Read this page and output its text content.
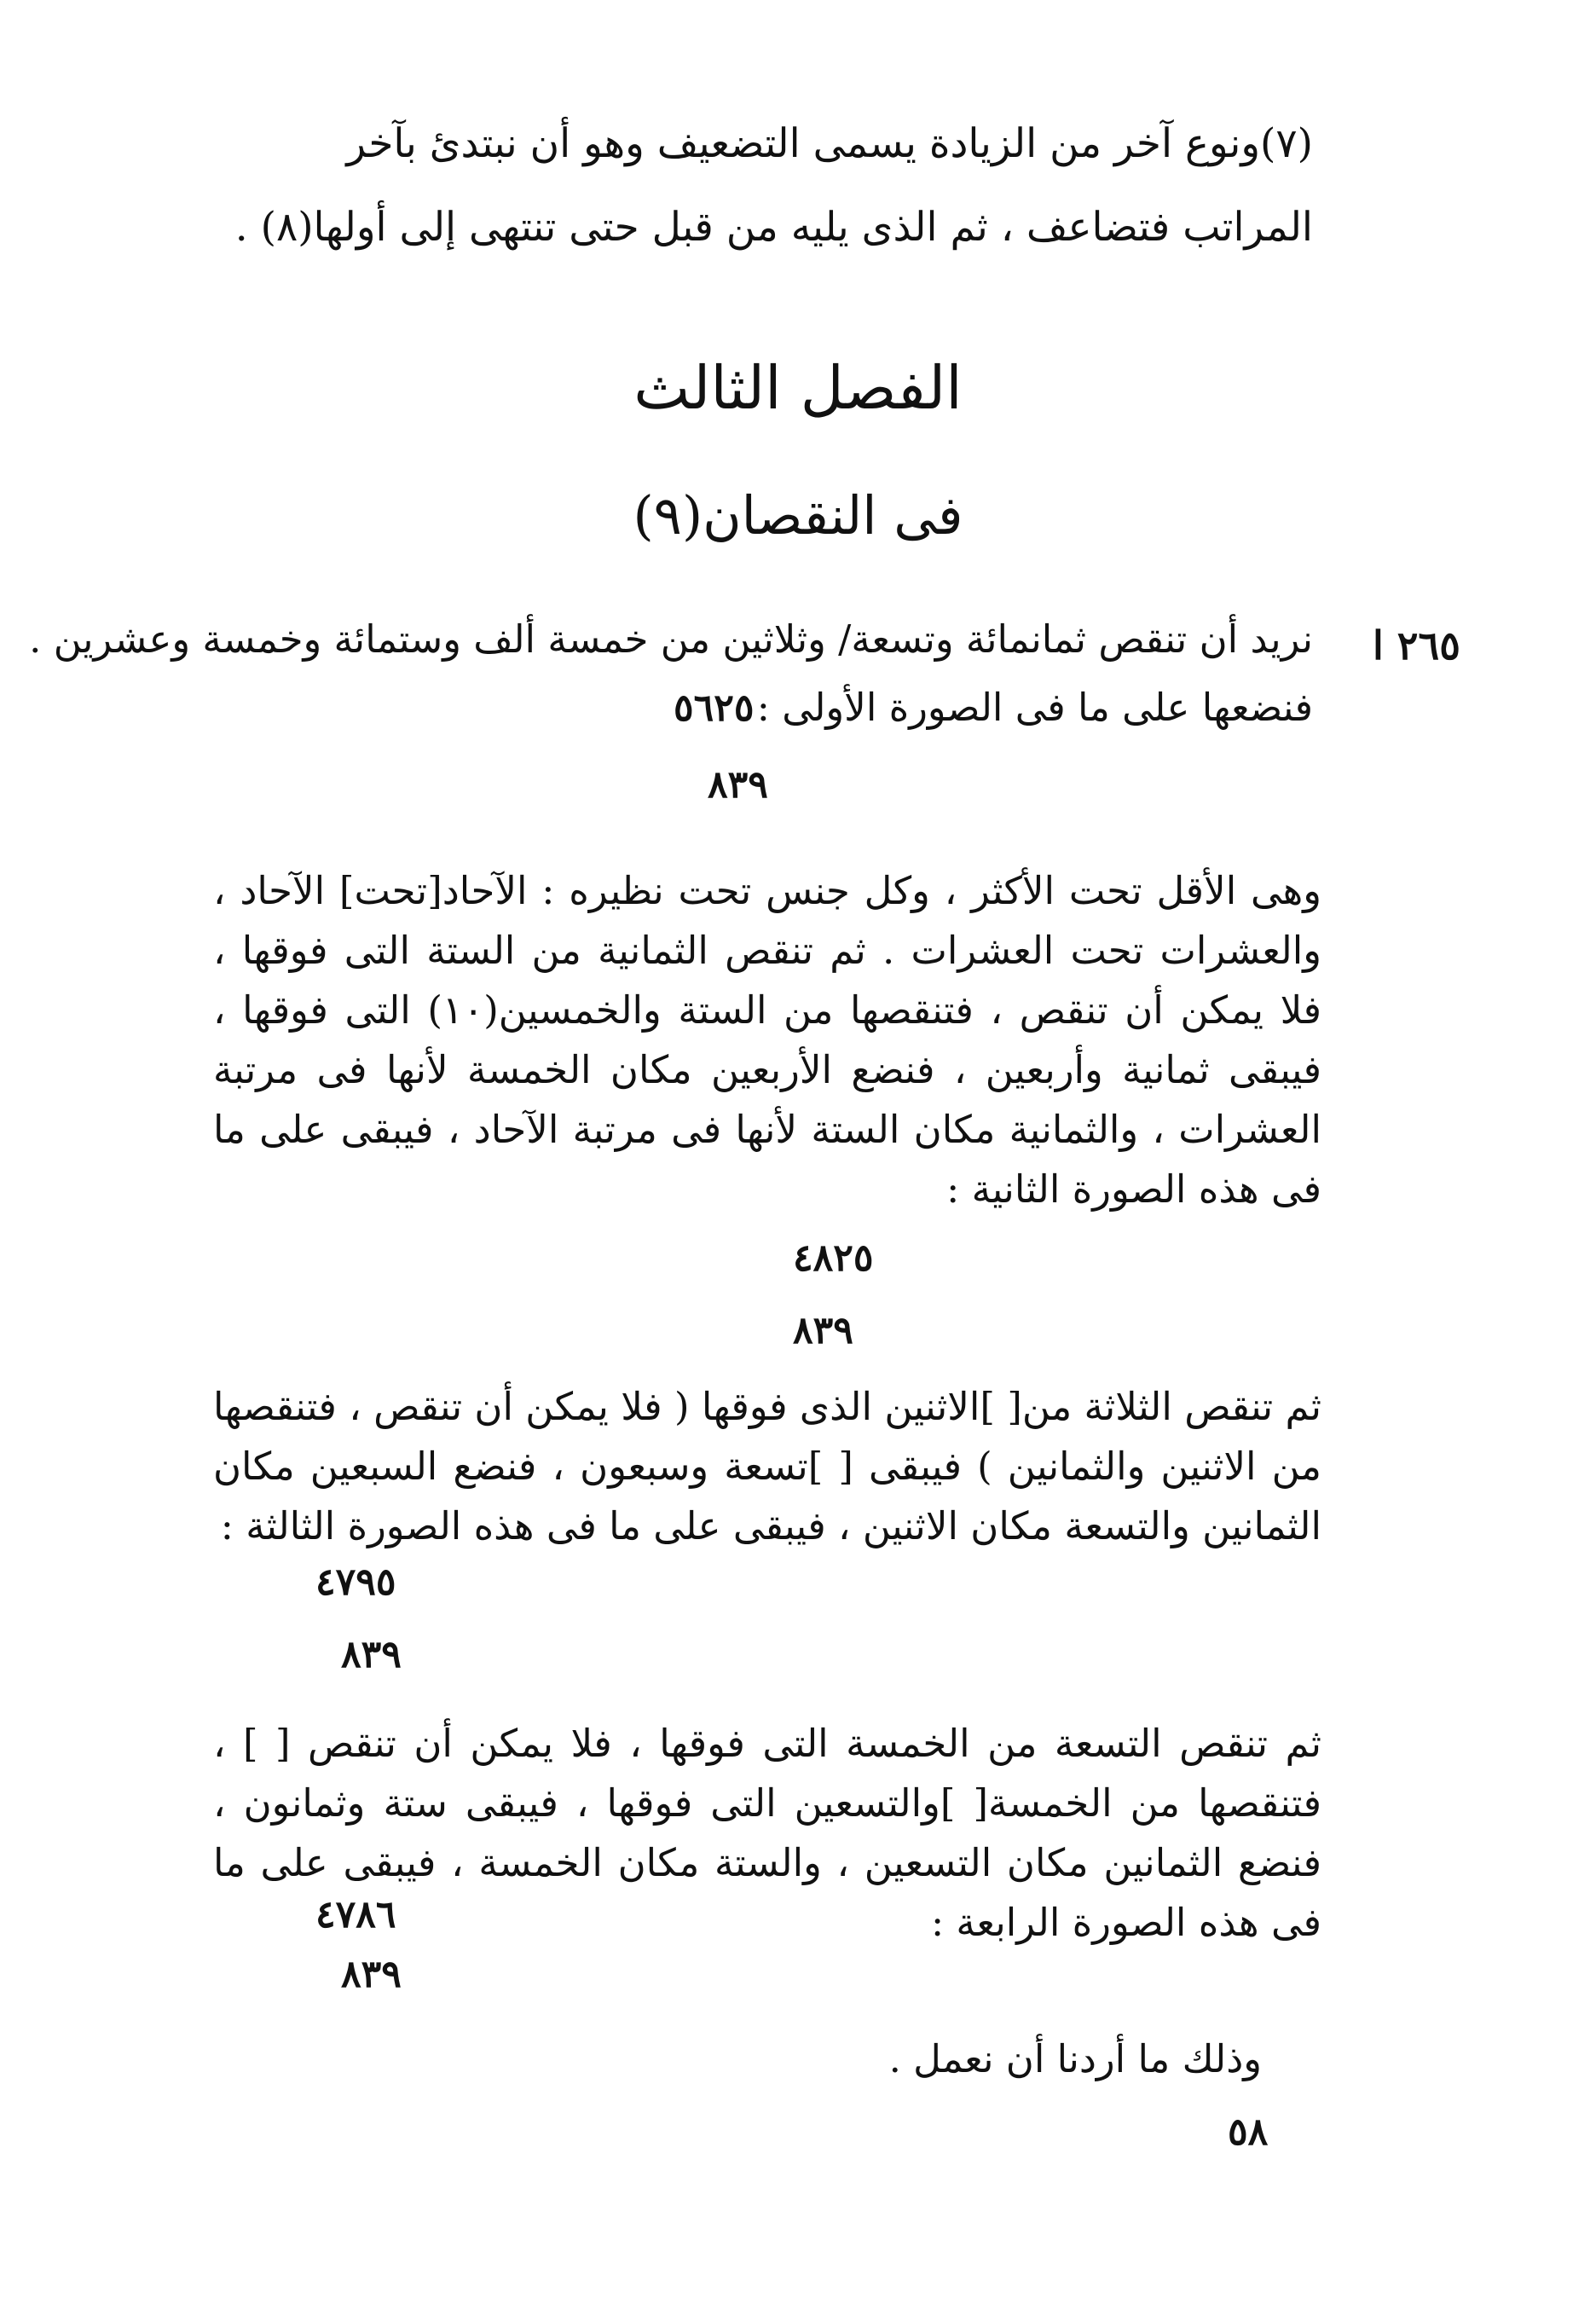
(٧)ونوع آخر من الزيادة يسمى التضعيف وهو أن نبتدئ بآخر المراتب فتضاعف ، ثم الذى يليه من قبل حتى تنتهى إلى أولها(٨) .
الفصل الثالث
فى النقصان(٩)
٢٦٥ ا
نريد أن تنقص ثمانمائة وتسعة/ وثلاثين من خمسة ألف وستمائة وخمسة وعشرين .
فنضعها على ما فى الصورة الأولى :
٥٦٢٥
٨٣٩
وهى الأقل تحت الأكثر ، وكل جنس تحت نظيره : الآحاد[تحت] الآحاد ، والعشرات تحت العشرات . ثم تنقص الثمانية من الستة التى فوقها ، فلا يمكن أن تنقص ، فتنقصها من الستة والخمسين(١٠) التى فوقها ، فيبقى ثمانية وأربعين ، فنضع الأربعين مكان الخمسة لأنها فى مرتبة العشرات ، والثمانية مكان الستة لأنها فى مرتبة الآحاد ، فيبقى على ما فى هذه الصورة الثانية :
٤٨٢٥
٨٣٩
ثم تنقص الثلاثة من[ ]الاثنين الذى فوقها ( فلا يمكن أن تنقص ، فتنقصها من الاثنين والثمانين ) فيبقى [ ]تسعة وسبعون ، فنضع السبعين مكان الثمانين والتسعة مكان الاثنين ، فيبقى على ما فى هذه الصورة الثالثة :
٤٧٩٥
٨٣٩
ثم تنقص التسعة من الخمسة التى فوقها ، فلا يمكن أن تنقص [ ] ، فتنقصها من الخمسة[ ]والتسعين التى فوقها ، فيبقى ستة وثمانون ، فنضع الثمانين مكان التسعين ، والستة مكان الخمسة ، فيبقى على ما فى هذه الصورة الرابعة :
٤٧٨٦
٨٣٩
وذلك ما أردنا أن نعمل .
٥٨
